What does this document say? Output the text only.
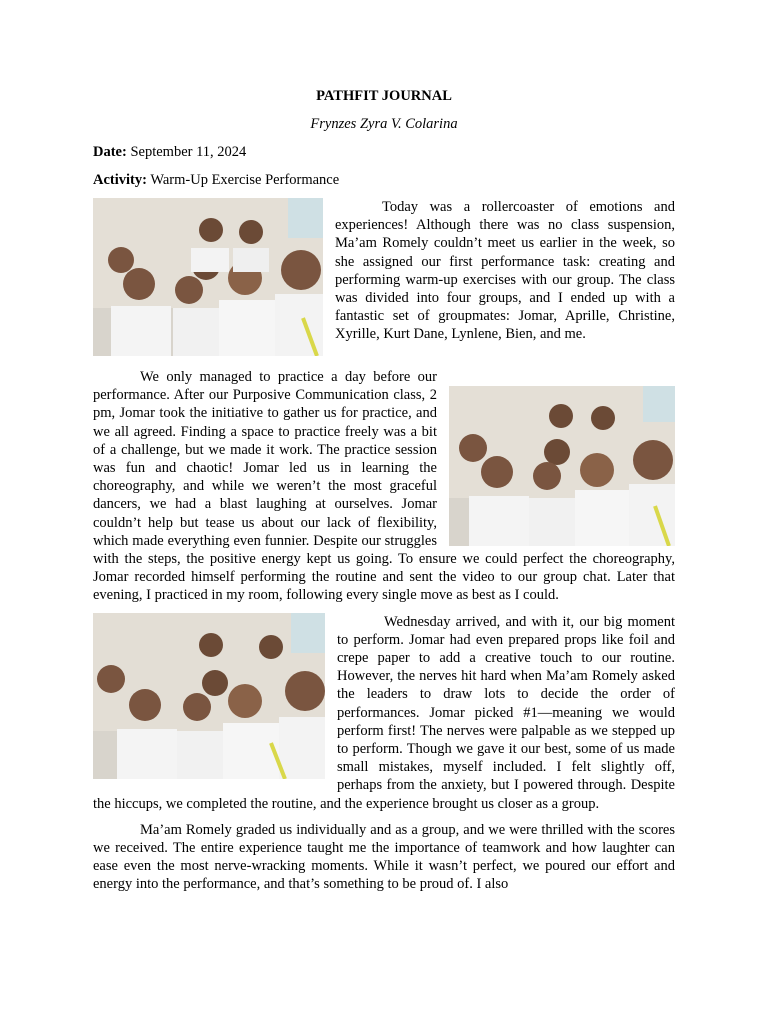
PATHFIT JOURNAL

Frynzes Zyra V. Colarina

Date: September 11, 2024

Activity: Warm-Up Exercise Performance

Today was a rollercoaster of emotions and experiences! Although there was no class suspension, Ma’am Romely couldn’t meet us earlier in the week, so she assigned our first performance task: creating and performing warm-up exercises with our group. The class was divided into four groups, and I ended up with a fantastic set of groupmates: Jomar, Aprille, Christine, Xyrille, Kurt Dane, Lynlene, Bien, and me.
We only managed to practice a day before our performance. After our Purposive Communication class, 2 pm, Jomar took the initiative to gather us for practice, and we all agreed. Finding a space to practice freely was a bit of a challenge, but we made it work. The practice session was fun and chaotic! Jomar led us in learning the choreography, and while we weren’t the most graceful dancers, we had a blast laughing at ourselves. Jomar couldn’t help but tease us about our lack of flexibility, which made everything even funnier. Despite our struggles with the steps, the positive energy kept us going. To ensure we could perfect the choreography, Jomar recorded himself performing the routine and sent the video to our group chat. Later that evening, I practiced in my room, following every single move as best as I could.
Wednesday arrived, and with it, our big moment to perform. Jomar had even prepared props like foil and crepe paper to add a creative touch to our routine. However, the nerves hit hard when Ma’am Romely asked the leaders to draw lots to decide the order of performances. Jomar picked #1—meaning we would perform first! The nerves were palpable as we stepped up to perform. Though we gave it our best, some of us made small mistakes, myself included. I felt slightly off, perhaps from the anxiety, but I powered through. Despite the hiccups, we completed the routine, and the experience brought us closer as a group.
Ma’am Romely graded us individually and as a group, and we were thrilled with the scores we received. The entire experience taught me the importance of teamwork and how laughter can ease even the most nerve-wracking moments. While it wasn’t perfect, we poured our effort and energy into the performance, and that’s something to be proud of. I also
